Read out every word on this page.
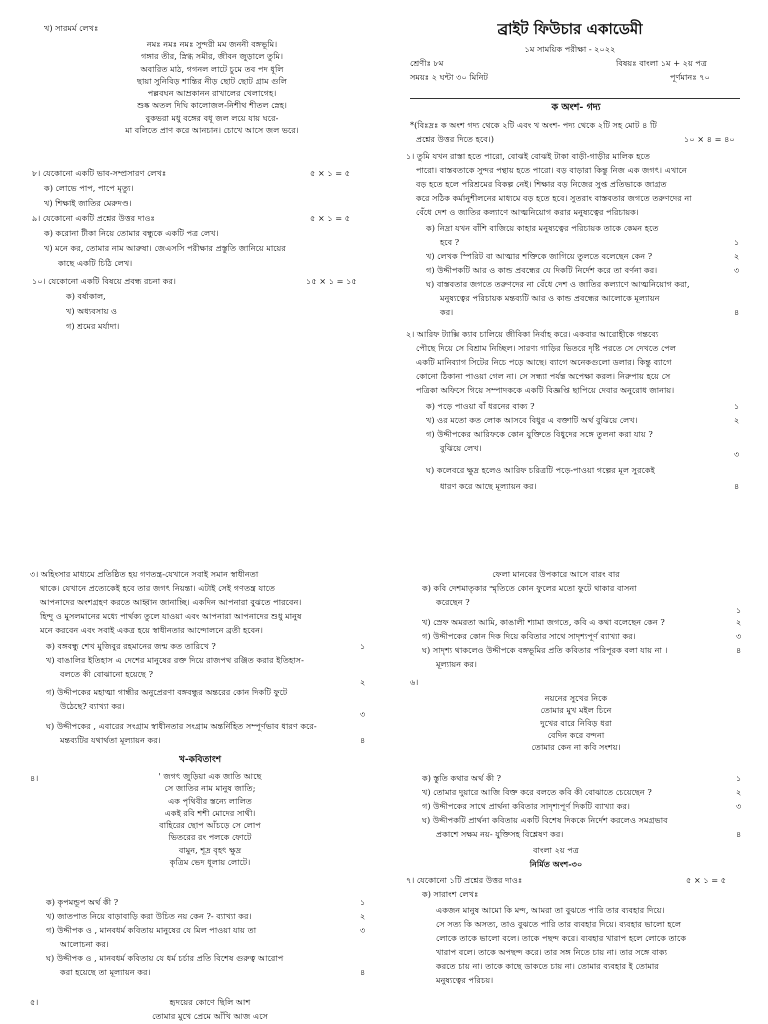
খ) সারমর্ম লেখঃ
নমঃ নমঃ নমঃ সুন্দরী মম জননী বঙ্গভূমি।
গঙ্গার তীর, স্নিগ্ধ সমীর, জীবন জুড়ালে তুমি।
অবারিত মাঠ, গগনল লাটে চুমে তব পদ ধূলি
ছায়া সুনিবিড় শান্তির নীড় ছোট ছোট গ্রাম গুলি
পল্লবঘন আম্রকানন রাখালের খেলাগেহ।
শুষ্ক অতল দিঘি কালোজল-নিশীথ শীতল স্নেহ।
বুকভরা মধু বঙ্গের বধূ জল লয়ে যায় ঘরে-
মা বলিতে প্রাণ করে আনচান। চোখে আসে জল ভরে।
৮। যেকোনো একটি ভাব-সম্প্রসারণ লেখঃ	৫ × ১ = ৫
ক) লোভে পাপ, পাপে মৃত্যু।
খ) শিক্ষাই জাতির মেরুদণ্ড।
৯। যেকোনো একটি প্রশ্নের উত্তর দাওঃ	৫ × ১ = ৫
ক) করোনা টীকা নিয়ে তোমার বন্ধুকে একটি পত্র লেখ।
খ) মনে কর, তোমার নাম আরুষা। জেএসসি পরীক্ষার প্রস্তুতি জানিয়ে মায়ের
কাছে একটি চিঠি লেখ।
১০। যেকোনো একটি বিষয়ে প্রবন্ধ রচনা কর।	১৫ × ১ = ১৫
ক) বর্ষাকাল,
খ) অধ্যবসায় ও
গ) শ্রমের মর্যাদা।
ব্রাইট ফিউচার একাডেমী
১ম সাময়িক পরীক্ষা - ২০২২
শ্রেণীঃ ৮ম	বিষয়ঃ বাংলা ১ম + ২য় পত্র
সময়ঃ ২ ঘন্টা ৩০ মিনিট	পূর্ণমানঃ ৭০
ক অংশ- গদ্য
*(বিঃদ্রঃ ক অংশ গদ্য থেকে ২টি এবং খ অংশ- পদ্য থেকে ২টি সহ মোট ৪ টি
প্রশ্নের উত্তর দিতে হবে।)	১০ × ৪ = ৪০
১। তুমি যখন রাস্তা হতে পারো, বোঝই বোঝই টাকা বাড়ী-গাড়ীর মালিক হতে
পারো। বাস্তবতাকে সুন্দর পন্থায় হতে পারো। বড় বাড়ারা কিন্তু নিজ এক জগৎ। এখানে
বড় হতে হলে পরিশ্রমের বিকল্প নেই। শিক্ষার বড় নিজের সুপ্ত প্রতিভাকে জাগ্রত
করে সঠিক কর্মানুশীলনের মাধ্যমে বড় হতে হবে। সুতরাং বাস্তবতার জগতে তরুণদের না
বেঁধে দেশ ও জাতির কল্যাণে আত্মনিয়োগ করার মনুষ্যত্বের পরিচায়ক।
ক) নিদ্রা যখন বাঁশি বাজিয়ে কাহার মনুষ্যত্বের পরিচায়ক তাকে কেমন হতে
হবে ?	১
খ) লেখক স্পিরিট বা আত্মার শক্তিকে জাগিয়ে তুলতে বলেছেন কেন ?	২
গ) উদ্দীপকটি আর ও কান্ড প্রবন্ধের যে দিকটি নির্দেশ করে তা বর্ণনা কর।	৩
ঘ) বাস্তবতার জগতে তরুণদের না বেঁধে দেশ ও জাতির কল্যাণে আত্মনিয়োগ করা,
মনুষ্যত্বের পরিচায়ক মন্তব্যটি আর ও কান্ড প্রবন্ধের আলোকে মূল্যায়ন
কর।	৪
২। আরিফ ট্যাক্সি ক্যাব চালিয়ে জীবিকা নির্বাহ করে। একবার আরোহীকে গন্তব্যে
পৌছে দিয়ে সে বিশ্রাম নিচ্ছিল। সারণ্য গাড়ির ভিতরে দৃষ্টি পরতে সে দেখতে পেল
একটি মানিব্যাগ সিটের নিচে পড়ে আছে। ব্যাগে অনেকগুলো ডলার। কিন্তু ব্যাগে
কোনো ঠিকানা পাওয়া গেল না। সে সন্ধ্যা পর্যন্ত অপেক্ষা করল। নিরুপায় হয়ে সে
পত্রিকা অফিসে গিয়ে সম্পাদককে একটি বিজ্ঞপ্তি ছাপিয়ে দেবার অনুরোধ জানায়।
ক) পড়ে পাওয়া বাঁ ধরনের বাক্য ?	১
খ) ওর মতো কত লোক আসবে বিধুর এ বক্তাটি অর্থ বুঝিয়ে লেখ।	২
গ) উদ্দীপকের আরিফকে কোন যুক্তিতে বিধুদের সঙ্গে তুলনা করা যায় ?
বুঝিয়ে লেখ।
৩
ঘ) কলেবরে ক্ষুদ্র হলেও আরিফ চরিত্রটি পড়ে-পাওয়া গল্পের মূল সুরকেই
ধারণ করে আছে মূল্যায়ন কর।	৪
৩। অহিংসার মাধ্যমে প্রতিষ্ঠিত হয় গণতন্ত্র-যেখানে সবাই সমান স্বাধীনতা
থাকে। যেখানে প্রত্যেকেই হবে তার জগৎ নিয়ন্তা। এটাই সেই গণতন্ত্র যাতে
আপনাদের অংশগ্রহণ করতে আহ্বান জানাচ্ছি। একদিন আপনারা বুঝতে পারবেন।
হিন্দু ও মুসলমানের মধ্যে পার্থক্য তুলে যাওয়া এবং আপনারা আপনাদের শুধু মানুষ
মনে করবেন এবং সবাই একত্র হয়ে স্বাধীনতার আন্দোলনে ব্রতী হবেন।
ক) বঙ্গবন্ধু শেখ মুজিবুর রহমানের জন্ম কত তারিখে ?	১
খ) বাঙালির ইতিহাস এ দেশের মানুষের রক্ত দিয়ে রাজপথ রঞ্জিত করার ইতিহাস-
বলতে কী বোঝানো হয়েছে ?
২
গ) উদ্দীপকের মহাত্মা গান্ধীর অনুপ্রেরণা বঙ্গবন্ধুর অন্তরের কোন দিকটি ফুটে
উঠেছে? ব্যাখ্যা কর।
৩
ঘ) উদ্দীপকের , এবারের সংগ্রাম স্বাধীনতার সংগ্রাম অন্তর্নিহিত সম্পূর্ণভাব ধারণ করে-
মন্তব্যটির যথার্থতা মূল্যায়ন কর।	৪
খ-কবিতাংশ
৪।	' জগৎ জুড়িয়া এক জাতি আছে
সে জাতির নাম মানুষ জাতি;
এক পৃথিবীর স্তন্যে লালিত
একই রবি শশী মোদের সাথী।
বাহিরের ছোপ আঁচড়ে সে লোপ
ভিতরের রং পলকে ফোটে
বামুন, শূদ্র বৃহৎ ক্ষুদ্র
কৃত্রিম ভেদ ধূলায় লোটে।
ক) কৃপমন্ডূপ অর্থ কী ?	১
খ) জাতপাত নিয়ে বাড়াবাড়ি করা উচিত নয় কেন ?- ব্যাখ্যা কর।	২
গ) উদ্দীপক ও , মানবধর্ম কবিতায় মানুষের যে মিল পাওয়া যায় তা
আলোচনা কর।
৩
ঘ) উদ্দীপক ও , মানবধর্ম কবিতায় যে ধর্ম চর্চার প্রতি বিশেষ গুরুত্ব আরোপ
করা হয়েছে তা মূল্যায়ন কর।	৪
৫।	হৃদয়ের কোণে ছিলি আশ
তোমার মুখে প্রেমে আঁখি আজ এসে
ফেলা মানবের উপকারে আসে বারং বার
ক) কবি দেশমাতৃকার স্মৃতিতে কোন ফুলের মতো ফুটে থাকার বাসনা
করেছেন ?
১
খ) স্রেফ অমরতা আমি, কাঙালী শ্যামা জগতে, কবি এ কথা বলেছেন কেন ?	২
গ) উদ্দীপকের কোন দিক দিয়ে কবিতার সাথে সাদৃশ্যপূর্ণ ব্যাখ্যা কর।	৩
ঘ) সাদৃশ্য থাকলেও উদ্দীপকে বঙ্গভূমির প্রতি কবিতার পরিপূরক বলা যায় না ।
মূল্যায়ন কর।
৪
৬।
নয়নের সুখের নিকে
তোমার মুখ মইল চিনে
দুখের বারে নিবিড় ধরা
বেদিন করে বন্দনা
তোমার কেন না কবি সংশয়।
ক) স্তুতি কথার অর্থ কী ?	১
খ) তোমার দুয়ারে আজি বিক্ত করে বলতে কবি কী বোঝাতে চেয়েছেন ?	২
গ) উদ্দীপকের সাথে প্রার্থনা কবিতার সাদৃশ্যপূর্ণ দিকটি ব্যাখ্যা কর।	৩
ঘ) উদ্দীপকটি প্রার্থনা কবিতায় একটি বিশেষ দিককে নির্দেশ করলেও সমগ্রভাব
প্রকাশে সক্ষম নয়- যুক্তিসহ বিশ্লেষণ কর।	৪
বাংলা ২য় পত্র
নির্মিত অংশ-৩০
৭। যেকোনো ১টি প্রশ্নের উত্তর দাওঃ	৫ × ১ = ৫
ক) সারাংশ লেখঃ
একজন মানুষ আমো কি মন্দ, আমরা তা বুঝতে পারি তার ব্যবহার দিয়ে।
সে সত্য কি অসত্য, তাও বুঝতে পারি তার ব্যবহার দিয়ে। ব্যবহার ভালো হলে
লোকে তাকে ভালো বলে। তাকে পছন্দ করে। ব্যবহার খারাপ হলে লোকে তাকে
খারাপ বলে। তাকে অপছন্দ করে। তার সঙ্গ নিতে চায় না। তার সঙ্গে বাক্য
করতে চায় না। তাকে কাছে ডাকতে চায় না। তোমার ব্যবহার ই তোমার
মনুষ্যত্বের পরিচয়।
